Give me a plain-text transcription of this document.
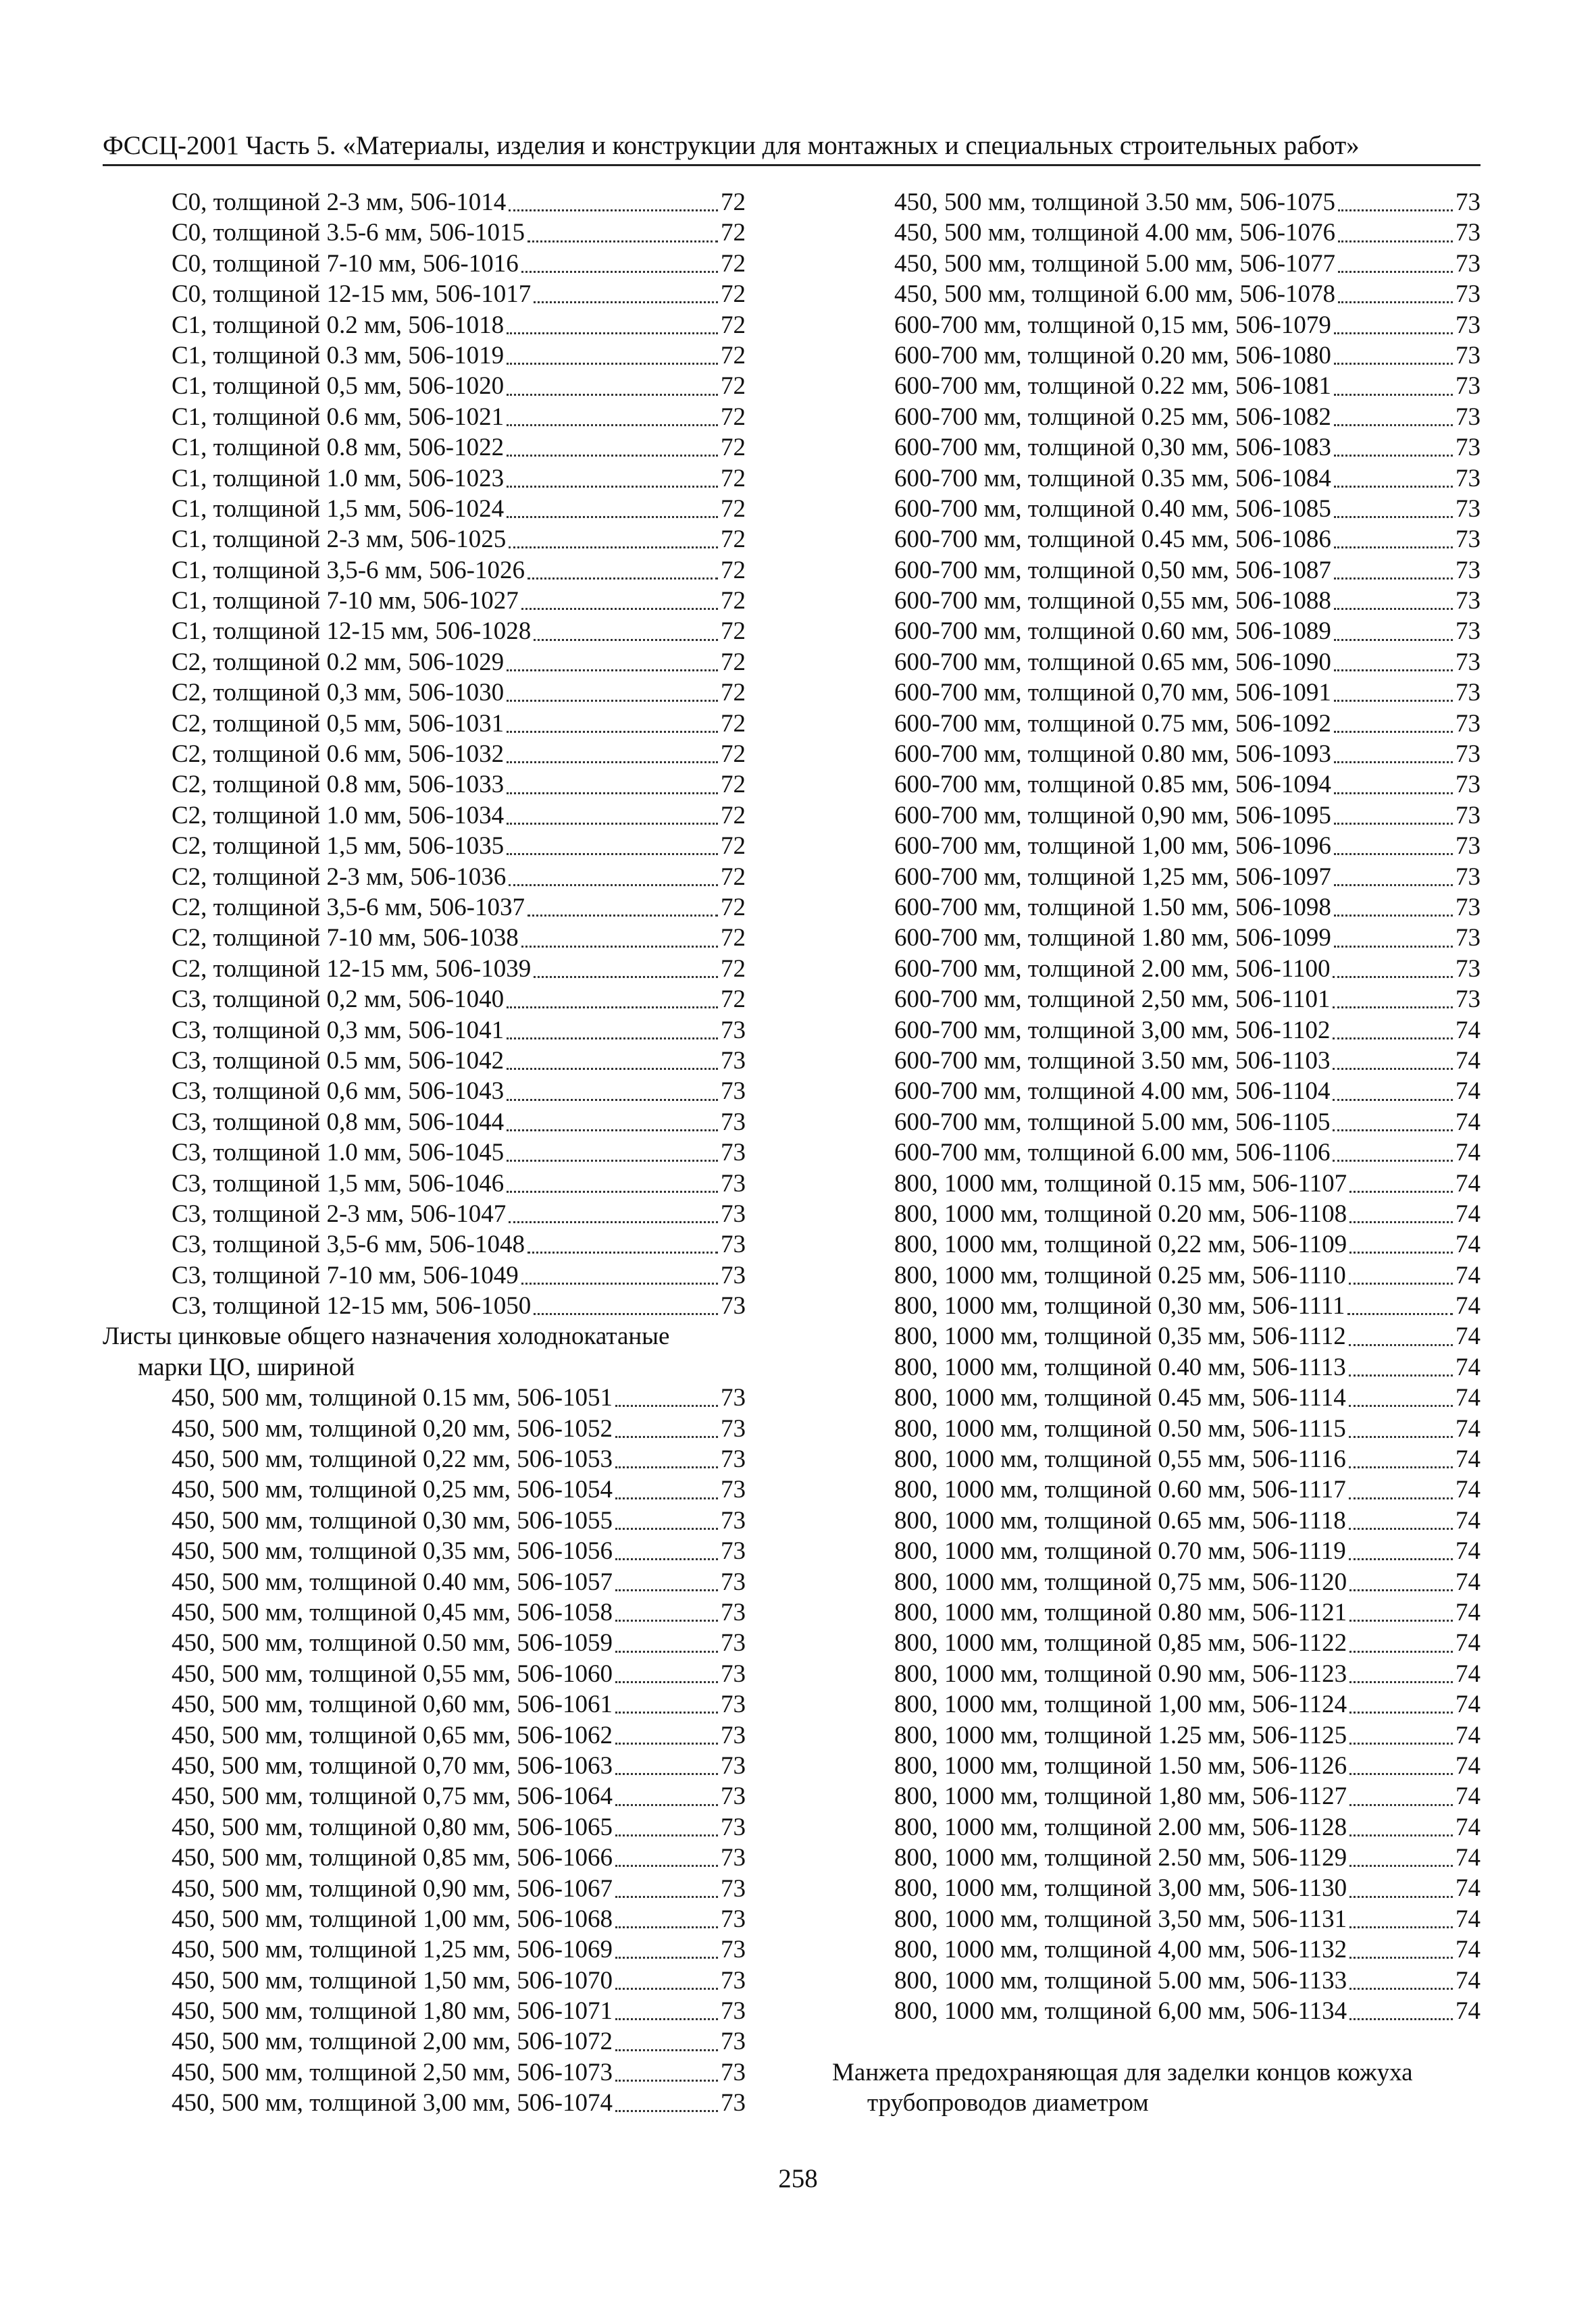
ФССЦ-2001 Часть 5. «Материалы, изделия и конструкции для монтажных и специальных строительных работ»
С0, толщиной 2-3 мм, 506-1014	72
С0, толщиной 3.5-6 мм, 506-1015	72
С0, толщиной 7-10 мм, 506-1016	72
С0, толщиной 12-15 мм, 506-1017	72
С1, толщиной 0.2 мм, 506-1018	72
С1, толщиной 0.3 мм, 506-1019	72
С1, толщиной 0,5 мм, 506-1020	72
С1, толщиной 0.6 мм, 506-1021	72
С1, толщиной 0.8 мм, 506-1022	72
С1, толщиной 1.0 мм, 506-1023	72
С1, толщиной 1,5 мм, 506-1024	72
С1, толщиной 2-3 мм, 506-1025	72
С1, толщиной 3,5-6 мм, 506-1026	72
С1, толщиной 7-10 мм, 506-1027	72
С1, толщиной 12-15 мм, 506-1028	72
С2, толщиной 0.2 мм, 506-1029	72
С2, толщиной 0,3 мм, 506-1030	72
С2, толщиной 0,5 мм, 506-1031	72
С2, толщиной 0.6 мм, 506-1032	72
С2, толщиной 0.8 мм, 506-1033	72
С2, толщиной 1.0 мм, 506-1034	72
С2, толщиной 1,5 мм, 506-1035	72
С2, толщиной 2-3 мм, 506-1036	72
С2, толщиной 3,5-6 мм, 506-1037	72
С2, толщиной 7-10 мм, 506-1038	72
С2, толщиной 12-15 мм, 506-1039	72
С3, толщиной 0,2 мм, 506-1040	72
С3, толщиной 0,3 мм, 506-1041	73
С3, толщиной 0.5 мм, 506-1042	73
С3, толщиной 0,6 мм, 506-1043	73
С3, толщиной 0,8 мм, 506-1044	73
С3, толщиной 1.0 мм, 506-1045	73
С3, толщиной 1,5 мм, 506-1046	73
С3, толщиной 2-3 мм, 506-1047	73
С3, толщиной 3,5-6 мм, 506-1048	73
С3, толщиной 7-10 мм, 506-1049	73
С3, толщиной 12-15 мм, 506-1050	73
Листы цинковые общего назначения холоднокатаные
марки ЦО, шириной
450, 500 мм, толщиной 0.15 мм, 506-1051	73
450, 500 мм, толщиной 0,20 мм, 506-1052	73
450, 500 мм, толщиной 0,22 мм, 506-1053	73
450, 500 мм, толщиной 0,25 мм, 506-1054	73
450, 500 мм, толщиной 0,30 мм, 506-1055	73
450, 500 мм, толщиной 0,35 мм, 506-1056	73
450, 500 мм, толщиной 0.40 мм, 506-1057	73
450, 500 мм, толщиной 0,45 мм, 506-1058	73
450, 500 мм, толщиной 0.50 мм, 506-1059	73
450, 500 мм, толщиной 0,55 мм, 506-1060	73
450, 500 мм, толщиной 0,60 мм, 506-1061	73
450, 500 мм, толщиной 0,65 мм, 506-1062	73
450, 500 мм, толщиной 0,70 мм, 506-1063	73
450, 500 мм, толщиной 0,75 мм, 506-1064	73
450, 500 мм, толщиной 0,80 мм, 506-1065	73
450, 500 мм, толщиной 0,85 мм, 506-1066	73
450, 500 мм, толщиной 0,90 мм, 506-1067	73
450, 500 мм, толщиной 1,00 мм, 506-1068	73
450, 500 мм, толщиной 1,25 мм, 506-1069	73
450, 500 мм, толщиной 1,50 мм, 506-1070	73
450, 500 мм, толщиной 1,80 мм, 506-1071	73
450, 500 мм, толщиной 2,00 мм, 506-1072	73
450, 500 мм, толщиной 2,50 мм, 506-1073	73
450, 500 мм, толщиной 3,00 мм, 506-1074	73
450, 500 мм, толщиной 3.50 мм, 506-1075	73
450, 500 мм, толщиной 4.00 мм, 506-1076	73
450, 500 мм, толщиной 5.00 мм, 506-1077	73
450, 500 мм, толщиной 6.00 мм, 506-1078	73
600-700 мм, толщиной 0,15 мм, 506-1079	73
600-700 мм, толщиной 0.20 мм, 506-1080	73
600-700 мм, толщиной 0.22 мм, 506-1081	73
600-700 мм, толщиной 0.25 мм, 506-1082	73
600-700 мм, толщиной 0,30 мм, 506-1083	73
600-700 мм, толщиной 0.35 мм, 506-1084	73
600-700 мм, толщиной 0.40 мм, 506-1085	73
600-700 мм, толщиной 0.45 мм, 506-1086	73
600-700 мм, толщиной 0,50 мм, 506-1087	73
600-700 мм, толщиной 0,55 мм, 506-1088	73
600-700 мм, толщиной 0.60 мм, 506-1089	73
600-700 мм, толщиной 0.65 мм, 506-1090	73
600-700 мм, толщиной 0,70 мм, 506-1091	73
600-700 мм, толщиной 0.75 мм, 506-1092	73
600-700 мм, толщиной 0.80 мм, 506-1093	73
600-700 мм, толщиной 0.85 мм, 506-1094	73
600-700 мм, толщиной 0,90 мм, 506-1095	73
600-700 мм, толщиной 1,00 мм, 506-1096	73
600-700 мм, толщиной 1,25 мм, 506-1097	73
600-700 мм, толщиной 1.50 мм, 506-1098	73
600-700 мм, толщиной 1.80 мм, 506-1099	73
600-700 мм, толщиной 2.00 мм, 506-1100	73
600-700 мм, толщиной 2,50 мм, 506-1101	73
600-700 мм, толщиной 3,00 мм, 506-1102	74
600-700 мм, толщиной 3.50 мм, 506-1103	74
600-700 мм, толщиной 4.00 мм, 506-1104	74
600-700 мм, толщиной 5.00 мм, 506-1105	74
600-700 мм, толщиной 6.00 мм, 506-1106	74
800, 1000 мм, толщиной 0.15 мм, 506-1107	74
800, 1000 мм, толщиной 0.20 мм, 506-1108	74
800, 1000 мм, толщиной 0,22 мм, 506-1109	74
800, 1000 мм, толщиной 0.25 мм, 506-1110	74
800, 1000 мм, толщиной 0,30 мм, 506-1111	74
800, 1000 мм, толщиной 0,35 мм, 506-1112	74
800, 1000 мм, толщиной 0.40 мм, 506-1113	74
800, 1000 мм, толщиной 0.45 мм, 506-1114	74
800, 1000 мм, толщиной 0.50 мм, 506-1115	74
800, 1000 мм, толщиной 0,55 мм, 506-1116	74
800, 1000 мм, толщиной 0.60 мм, 506-1117	74
800, 1000 мм, толщиной 0.65 мм, 506-1118	74
800, 1000 мм, толщиной 0.70 мм, 506-1119	74
800, 1000 мм, толщиной 0,75 мм, 506-1120	74
800, 1000 мм, толщиной 0.80 мм, 506-1121	74
800, 1000 мм, толщиной 0,85 мм, 506-1122	74
800, 1000 мм, толщиной 0.90 мм, 506-1123	74
800, 1000 мм, толщиной 1,00 мм, 506-1124	74
800, 1000 мм, толщиной 1.25 мм, 506-1125	74
800, 1000 мм, толщиной 1.50 мм, 506-1126	74
800, 1000 мм, толщиной 1,80 мм, 506-1127	74
800, 1000 мм, толщиной 2.00 мм, 506-1128	74
800, 1000 мм, толщиной 2.50 мм, 506-1129	74
800, 1000 мм, толщиной 3,00 мм, 506-1130	74
800, 1000 мм, толщиной 3,50 мм, 506-1131	74
800, 1000 мм, толщиной 4,00 мм, 506-1132	74
800, 1000 мм, толщиной 5.00 мм, 506-1133	74
800, 1000 мм, толщиной 6,00 мм, 506-1134	74
Манжета предохраняющая для заделки концов кожуха
трубопроводов диаметром
258
